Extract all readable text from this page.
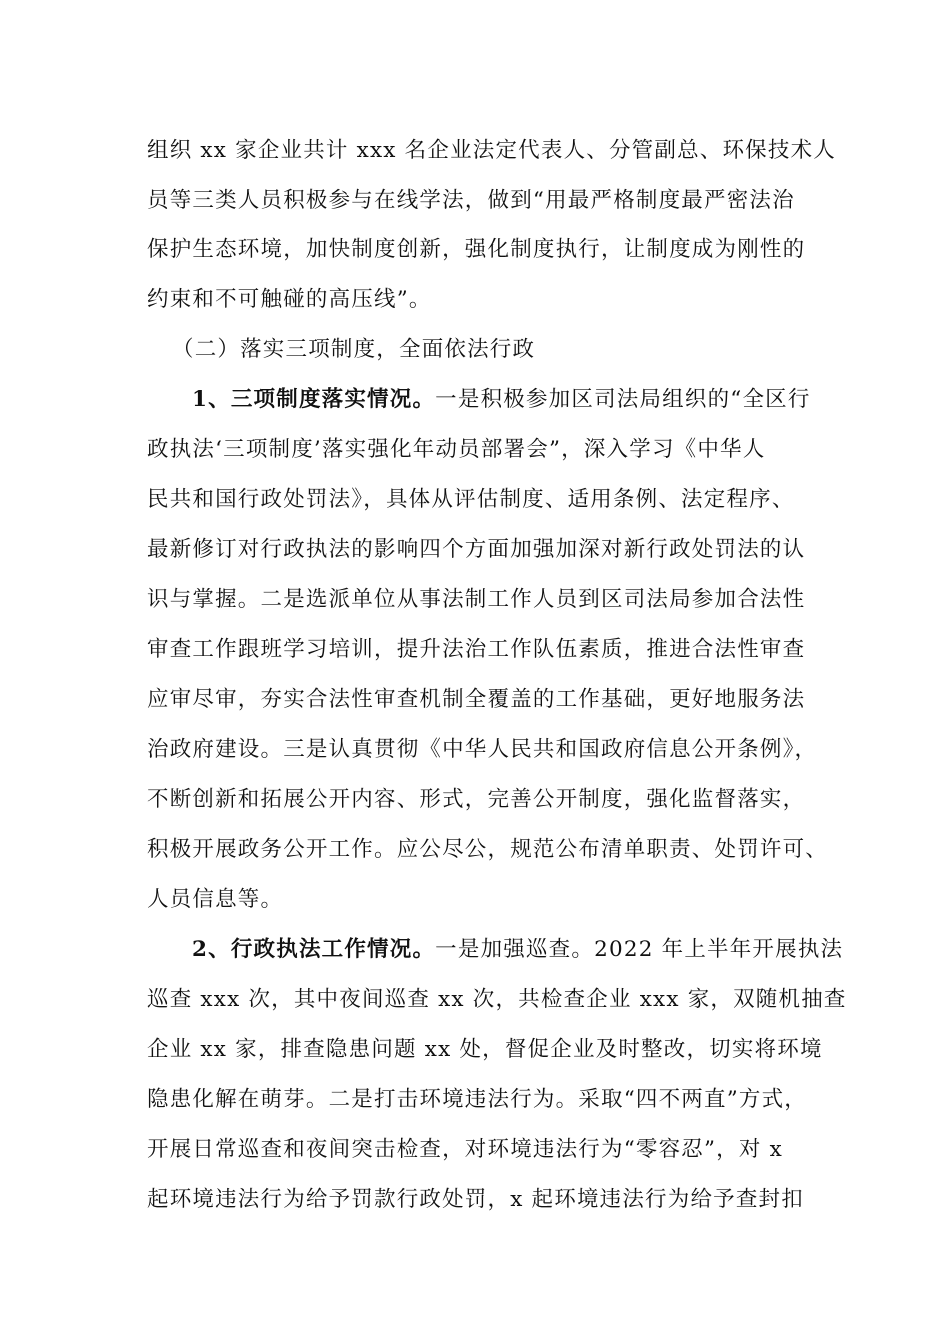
组织 xx 家企业共计 xxx 名企业法定代表人、分管副总、环保技术人
员等三类人员积极参与在线学法，做到“用最严格制度最严密法治
保护生态环境，加快制度创新，强化制度执行，让制度成为刚性的
约束和不可触碰的高压线”。
（二）落实三项制度，全面依法行政
1、三项制度落实情况。一是积极参加区司法局组织的“全区行
政执法‘三项制度’落实强化年动员部署会”，深入学习《中华人
民共和国行政处罚法》，具体从评估制度、适用条例、法定程序、
最新修订对行政执法的影响四个方面加强加深对新行政处罚法的认
识与掌握。二是选派单位从事法制工作人员到区司法局参加合法性
审查工作跟班学习培训，提升法治工作队伍素质，推进合法性审查
应审尽审，夯实合法性审查机制全覆盖的工作基础，更好地服务法
治政府建设。三是认真贯彻《中华人民共和国政府信息公开条例》，
不断创新和拓展公开内容、形式，完善公开制度，强化监督落实，
积极开展政务公开工作。应公尽公，规范公布清单职责、处罚许可、
人员信息等。
2、行政执法工作情况。一是加强巡查。2022 年上半年开展执法
巡查 xxx 次，其中夜间巡查 xx 次，共检查企业 xxx 家，双随机抽查
企业 xx 家，排查隐患问题 xx 处，督促企业及时整改，切实将环境
隐患化解在萌芽。二是打击环境违法行为。采取“四不两直”方式，
开展日常巡查和夜间突击检查，对环境违法行为“零容忍”，对 x
起环境违法行为给予罚款行政处罚，x 起环境违法行为给予查封扣
